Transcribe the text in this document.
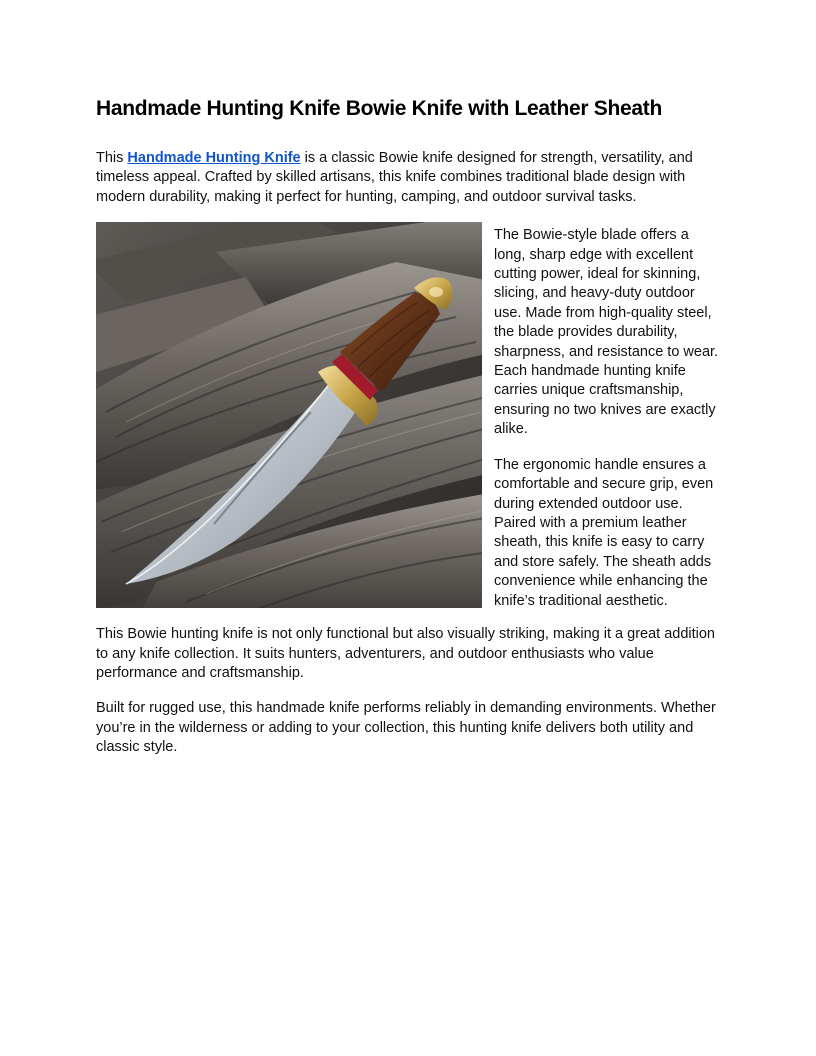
Handmade Hunting Knife Bowie Knife with Leather Sheath

This Handmade Hunting Knife is a classic Bowie knife designed for strength, versatility, and timeless appeal. Crafted by skilled artisans, this knife combines traditional blade design with modern durability, making it perfect for hunting, camping, and outdoor survival tasks.

The Bowie-style blade offers a long, sharp edge with excellent cutting power, ideal for skinning, slicing, and heavy-duty outdoor use. Made from high-quality steel, the blade provides durability, sharpness, and resistance to wear. Each handmade hunting knife carries unique craftsmanship, ensuring no two knives are exactly alike.

The ergonomic handle ensures a comfortable and secure grip, even during extended outdoor use. Paired with a premium leather sheath, this knife is easy to carry and store safely. The sheath adds convenience while enhancing the knife’s traditional aesthetic.

This Bowie hunting knife is not only functional but also visually striking, making it a great addition to any knife collection. It suits hunters, adventurers, and outdoor enthusiasts who value performance and craftsmanship.

Built for rugged use, this handmade knife performs reliably in demanding environments. Whether you’re in the wilderness or adding to your collection, this hunting knife delivers both utility and classic style.
